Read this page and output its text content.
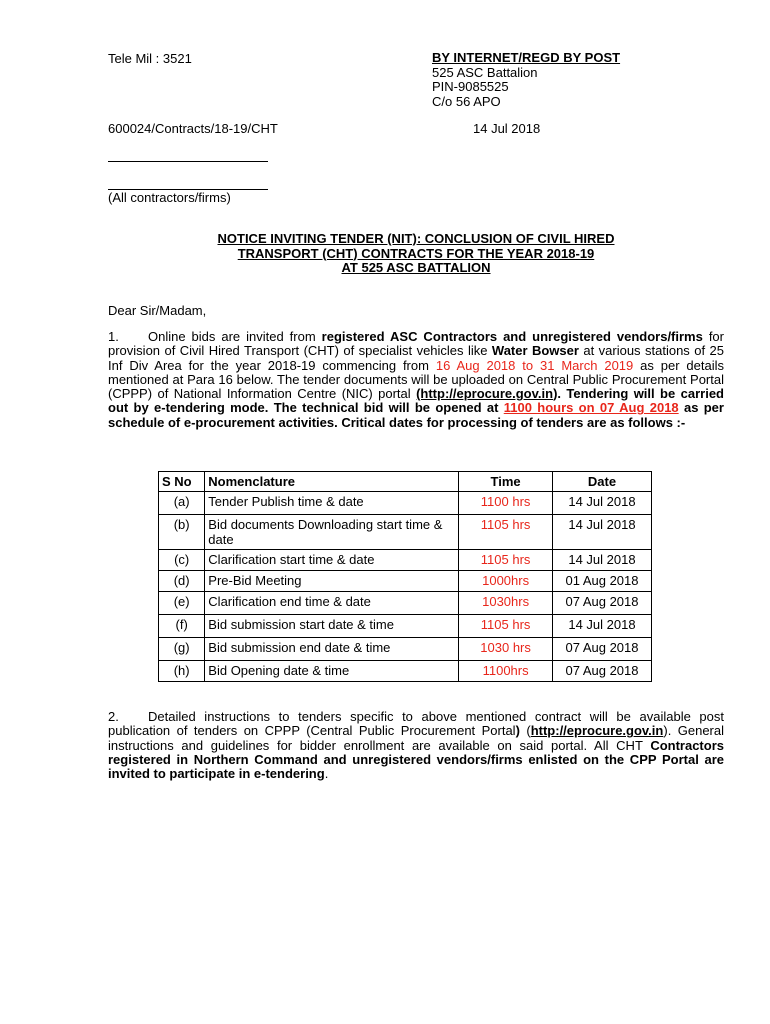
Tele Mil : 3521	BY INTERNET/REGD BY POST
525 ASC Battalion
PIN-9085525
C/o 56 APO
600024/Contracts/18-19/CHT	14 Jul 2018
(All contractors/firms)
NOTICE INVITING TENDER (NIT): CONCLUSION OF CIVIL HIRED
TRANSPORT (CHT) CONTRACTS FOR THE YEAR 2018-19
AT 525 ASC BATTALION
Dear Sir/Madam,
1. Online bids are invited from registered ASC Contractors and unregistered vendors/firms for provision of Civil Hired Transport (CHT) of specialist vehicles like Water Bowser at various stations of 25 Inf Div Area for the year 2018-19 commencing from 16 Aug 2018 to 31 March 2019 as per details mentioned at Para 16 below. The tender documents will be uploaded on Central Public Procurement Portal (CPPP) of National Information Centre (NIC) portal (http://eprocure.gov.in). Tendering will be carried out by e-tendering mode. The technical bid will be opened at 1100 hours on 07 Aug 2018 as per schedule of e-procurement activities. Critical dates for processing of tenders are as follows :-
S No	Nomenclature	Time	Date
(a)	Tender Publish time & date	1100 hrs	14 Jul 2018
(b)	Bid documents Downloading start time & date	1105 hrs	14 Jul 2018
(c)	Clarification start time & date	1105 hrs	14 Jul 2018
(d)	Pre-Bid Meeting	1000hrs	01 Aug 2018
(e)	Clarification end time & date	1030hrs	07 Aug 2018
(f)	Bid submission start date & time	1105 hrs	14 Jul 2018
(g)	Bid submission end date & time	1030 hrs	07 Aug 2018
(h)	Bid Opening date & time	1100hrs	07 Aug 2018
2. Detailed instructions to tenders specific to above mentioned contract will be available post publication of tenders on CPPP (Central Public Procurement Portal) (http://eprocure.gov.in). General instructions and guidelines for bidder enrollment are available on said portal. All CHT Contractors registered in Northern Command and unregistered vendors/firms enlisted on the CPP Portal are invited to participate in e-tendering.
